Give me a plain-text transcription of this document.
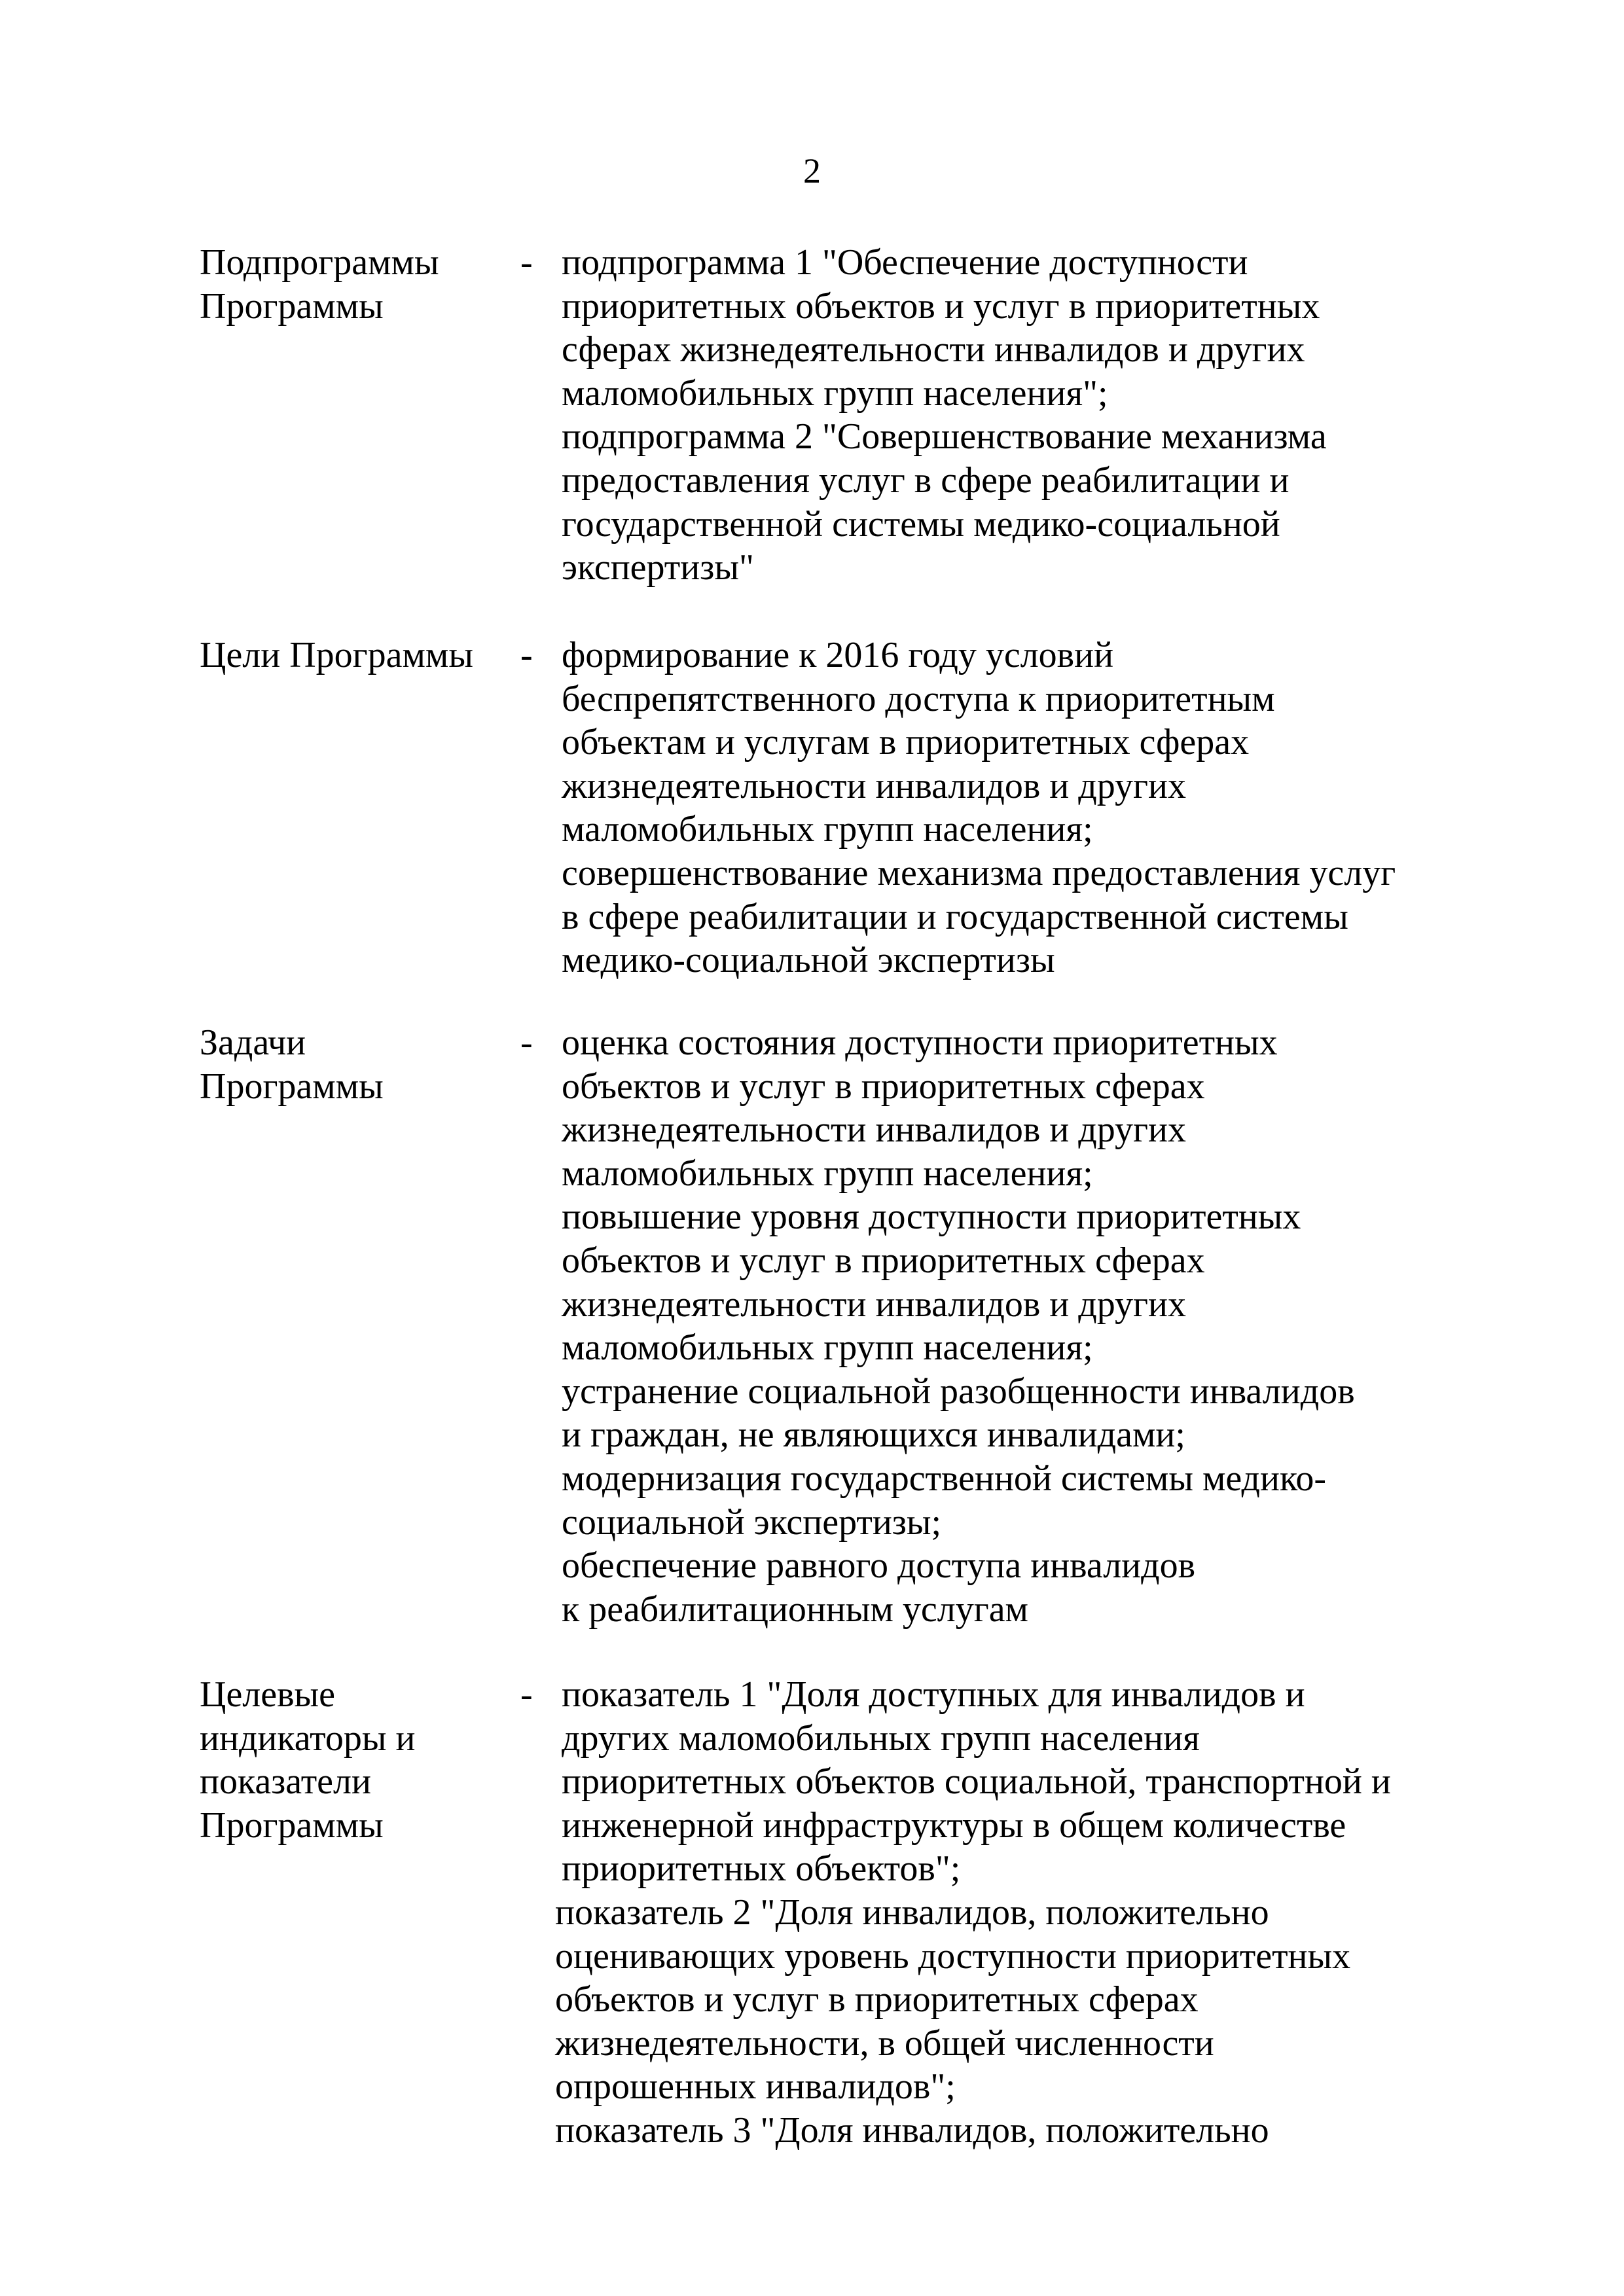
2
Подпрограммы
Программы
- подпрограмма 1 "Обеспечение доступности
приоритетных объектов и услуг в приоритетных
сферах жизнедеятельности инвалидов и других
маломобильных групп населения";
подпрограмма 2 "Совершенствование механизма
предоставления услуг в сфере реабилитации и
государственной системы медико-социальной
экспертизы"
Цели Программы	- формирование к 2016 году условий
беспрепятственного доступа к приоритетным
объектам и услугам в приоритетных сферах
жизнедеятельности инвалидов и других
маломобильных групп населения;
совершенствование механизма предоставления услуг
в сфере реабилитации и государственной системы
медико-социальной экспертизы
Задачи
Программы
- оценка состояния доступности приоритетных
объектов и услуг в приоритетных сферах
жизнедеятельности инвалидов и других
маломобильных групп населения;
повышение уровня доступности приоритетных
объектов и услуг в приоритетных сферах
жизнедеятельности инвалидов и других
маломобильных групп населения;
устранение социальной разобщенности инвалидов
и граждан, не являющихся инвалидами;
модернизация государственной системы медико-
социальной экспертизы;
обеспечение равного доступа инвалидов
к реабилитационным услугам
Целевые
индикаторы и
показатели
Программы
- показатель 1 "Доля доступных для инвалидов и
других маломобильных групп населения
приоритетных объектов социальной, транспортной и
инженерной инфраструктуры в общем количестве
приоритетных объектов";
показатель 2 "Доля инвалидов, положительно
оценивающих уровень доступности приоритетных
объектов и услуг в приоритетных сферах
жизнедеятельности, в общей численности
опрошенных инвалидов";
показатель 3 "Доля инвалидов, положительно
